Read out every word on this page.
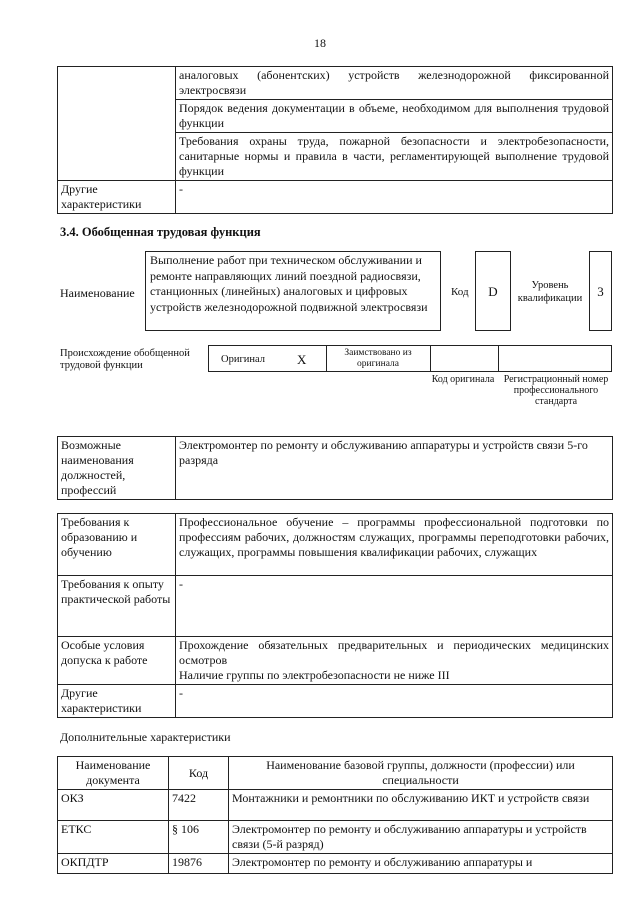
18
	аналоговых (абонентских) устройств железнодорожной фиксированной электросвязи
	Порядок ведения документации в объеме, необходимом для выполнения трудовой функции
	Требования охраны труда, пожарной безопасности и электробезопасности, санитарные нормы и правила в части, регламентирующей выполнение трудовой функции
Другие характеристики	-
3.4. Обобщенная трудовая функция
Наименование
Выполнение работ при техническом обслуживании и ремонте направляющих линий поездной радиосвязи, станционных (линейных) аналоговых и цифровых устройств железнодорожной подвижной электросвязи
Код	D	Уровень квалификации	3
Происхождение обобщенной трудовой функции
Оригинал X	Заимствовано из оригинала
Код оригинала Регистрационный номер профессионального стандарта
Возможные наименования должностей, профессий	Электромонтер по ремонту и обслуживанию аппаратуры и устройств связи 5-го разряда
Требования к образованию и обучению	Профессиональное обучение – программы профессиональной подготовки по профессиям рабочих, должностям служащих, программы переподготовки рабочих, служащих, программы повышения квалификации рабочих, служащих
Требования к опыту практической работы	-
Особые условия допуска к работе	Прохождение обязательных предварительных и периодических медицинских осмотров
Наличие группы по электробезопасности не ниже III

Другие характеристики	-
Дополнительные характеристики
Наименование документа	Код	Наименование базовой группы, должности (профессии) или специальности
ОКЗ	7422	Монтажники и ремонтники по обслуживанию ИКТ и устройств связи
ЕТКС	§ 106	Электромонтер по ремонту и обслуживанию аппаратуры и устройств связи (5-й разряд)
ОКПДТР	19876	Электромонтер по ремонту и обслуживанию аппаратуры и
